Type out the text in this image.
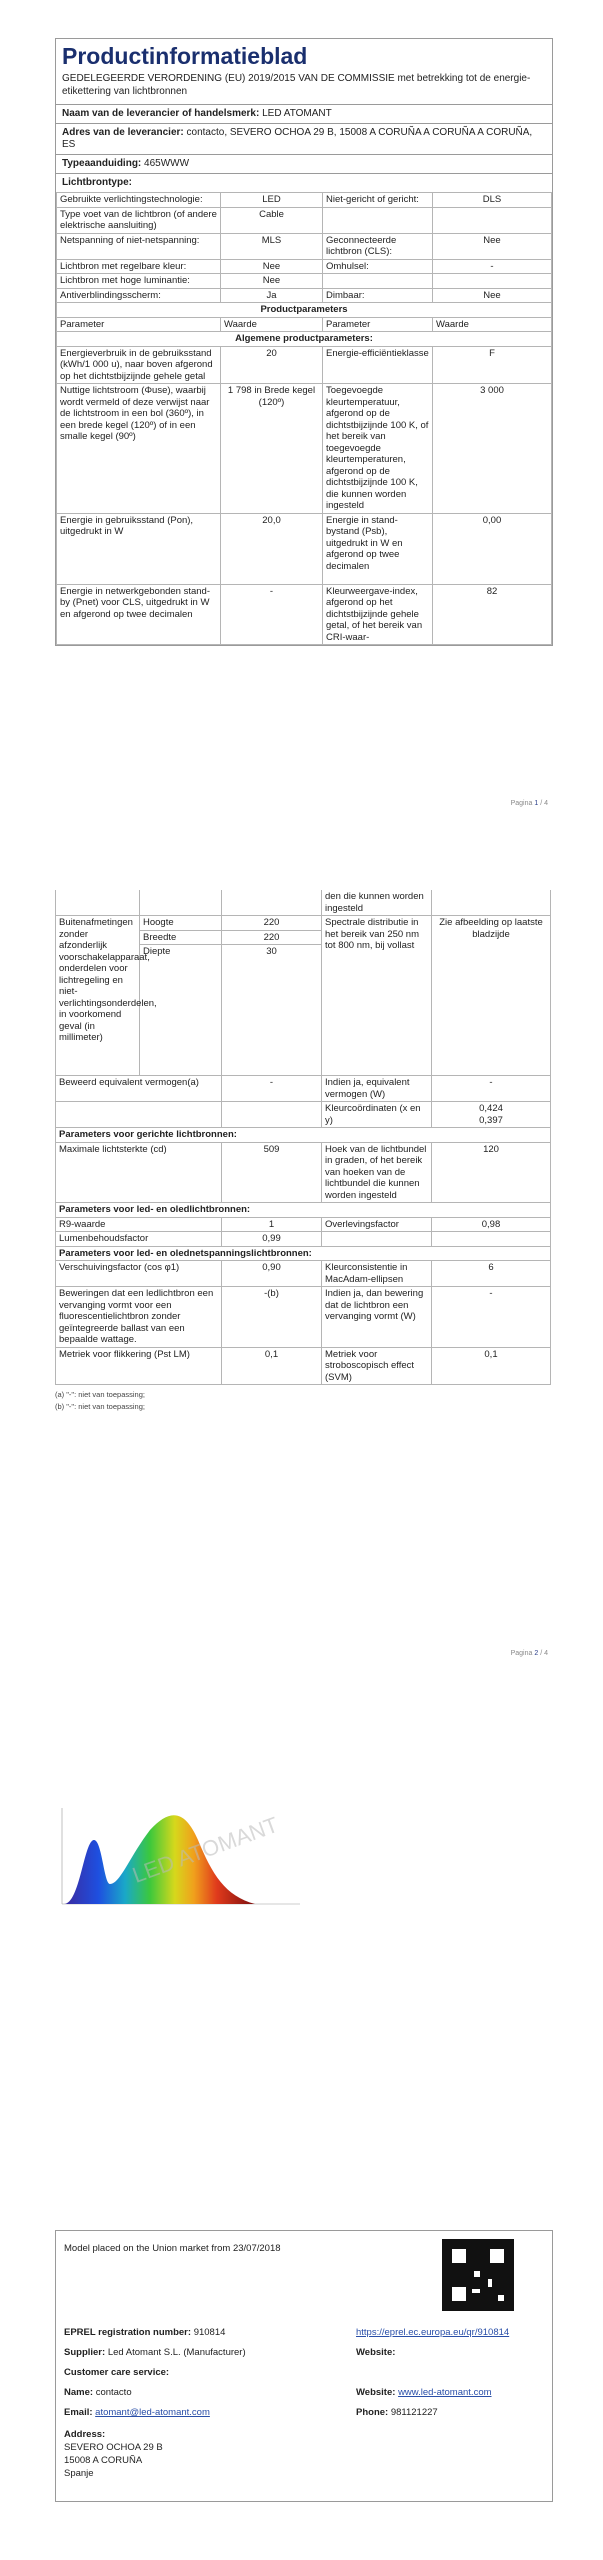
Productinformatieblad
GEDELEGEERDE VERORDENING (EU) 2019/2015 VAN DE COMMISSIE met betrekking tot de energie-etikettering van lichtbronnen
Naam van de leverancier of handelsmerk: LED ATOMANT
Adres van de leverancier: contacto, SEVERO OCHOA 29 B, 15008 A CORUÑA A CORUÑA A CORUÑA, ES
Typeaanduiding: 465WWW
Lichtbrontype:
Gebruikte verlichtingstechnologie:	LED	Niet-gericht of gericht:	DLS
Type voet van de lichtbron (of andere elektrische aansluiting)	Cable		
Netspanning of niet-netspanning:	MLS	Geconnecteerde lichtbron (CLS):	Nee
Lichtbron met regelbare kleur:	Nee	Omhulsel:	-
Lichtbron met hoge luminantie:	Nee		
Antiverblindingsscherm:	Ja	Dimbaar:	Nee
Productparameters			
Parameter	Waarde	Parameter	Waarde
Algemene productparameters:			
Energieverbruik in de gebruiksstand (kWh/1 000 u), naar boven afgerond op het dichtstbijzijnde gehele getal	20	Energie-efficiëntieklasse	F
Nuttige lichtstroom (Φuse), waarbij wordt vermeld of deze verwijst naar de lichtstroom in een bol (360º), in een brede kegel (120º) of in een smalle kegel (90º)	1 798 in Brede kegel (120º)	Toegevoegde kleurtemperatuur, afgerond op de dichtstbijzijnde 100 K, of het bereik van toegevoegde kleurtemperaturen, afgerond op de dichtstbijzijnde 100 K, die kunnen worden ingesteld	3 000
Energie in gebruiksstand (Pon), uitgedrukt in W	20,0	Energie in stand-bystand (Psb), uitgedrukt in W en afgerond op twee decimalen	0,00
Energie in netwerkgebonden stand-by (Pnet) voor CLS, uitgedrukt in W en afgerond op twee decimalen	-	Kleurweergave-index, afgerond op het dichtstbijzijnde gehele getal, of het bereik van CRI-waar-	82
Pagina 1 / 4
			den die kunnen worden ingesteld	
Buitenafmetingen zonder afzonderlijk voorschakelapparaat, onderdelen voor lichtregeling en niet-verlichtingsonderdelen, in voorkomend geval (in millimeter)	Hoogte	220	Spectrale distributie in het bereik van 250 nm tot 800 nm, bij vollast	Zie afbeelding op laatste bladzijde
	Breedte	220		
	Diepte	30		
Beweerd equivalent vermogen(a)		-	Indien ja, equivalent vermogen (W)	-
			Kleurcoördinaten (x en y)	0,424
0,397

Parameters voor gerichte lichtbronnen:				
Maximale lichtsterkte (cd)		509	Hoek van de lichtbundel in graden, of het bereik van hoeken van de lichtbundel die kunnen worden ingesteld	120
Parameters voor led- en oledlichtbronnen:				
R9-waarde		1	Overlevingsfactor	0,98
Lumenbehoudsfactor		0,99		
Parameters voor led- en olednetspanningslichtbronnen:				
Verschuivingsfactor (cos φ1)		0,90	Kleurconsistentie in MacAdam-ellipsen	6
Beweringen dat een ledlichtbron een vervanging vormt voor een fluorescentielichtbron zonder geïntegreerde ballast van een bepaalde wattage.		-(b)	Indien ja, dan bewering dat de lichtbron een vervanging vormt (W)	-
Metriek voor flikkering (Pst LM)		0,1	Metriek voor stroboscopisch effect (SVM)	0,1
(a) "-": niet van toepassing;
(b) "-": niet van toepassing;
Pagina 2 / 4
LED ATOMANT
Model placed on the Union market from 23/07/2018
EPREL registration number: 910814	https://eprel.ec.europa.eu/qr/910814
Supplier: Led Atomant S.L. (Manufacturer)	Website:
Customer care service:
Name: contacto	Website: www.led-atomant.com
Email: atomant@led-atomant.com	Phone: 981121227
Address:
SEVERO OCHOA 29 B
15008 A CORUÑA
Spanje
